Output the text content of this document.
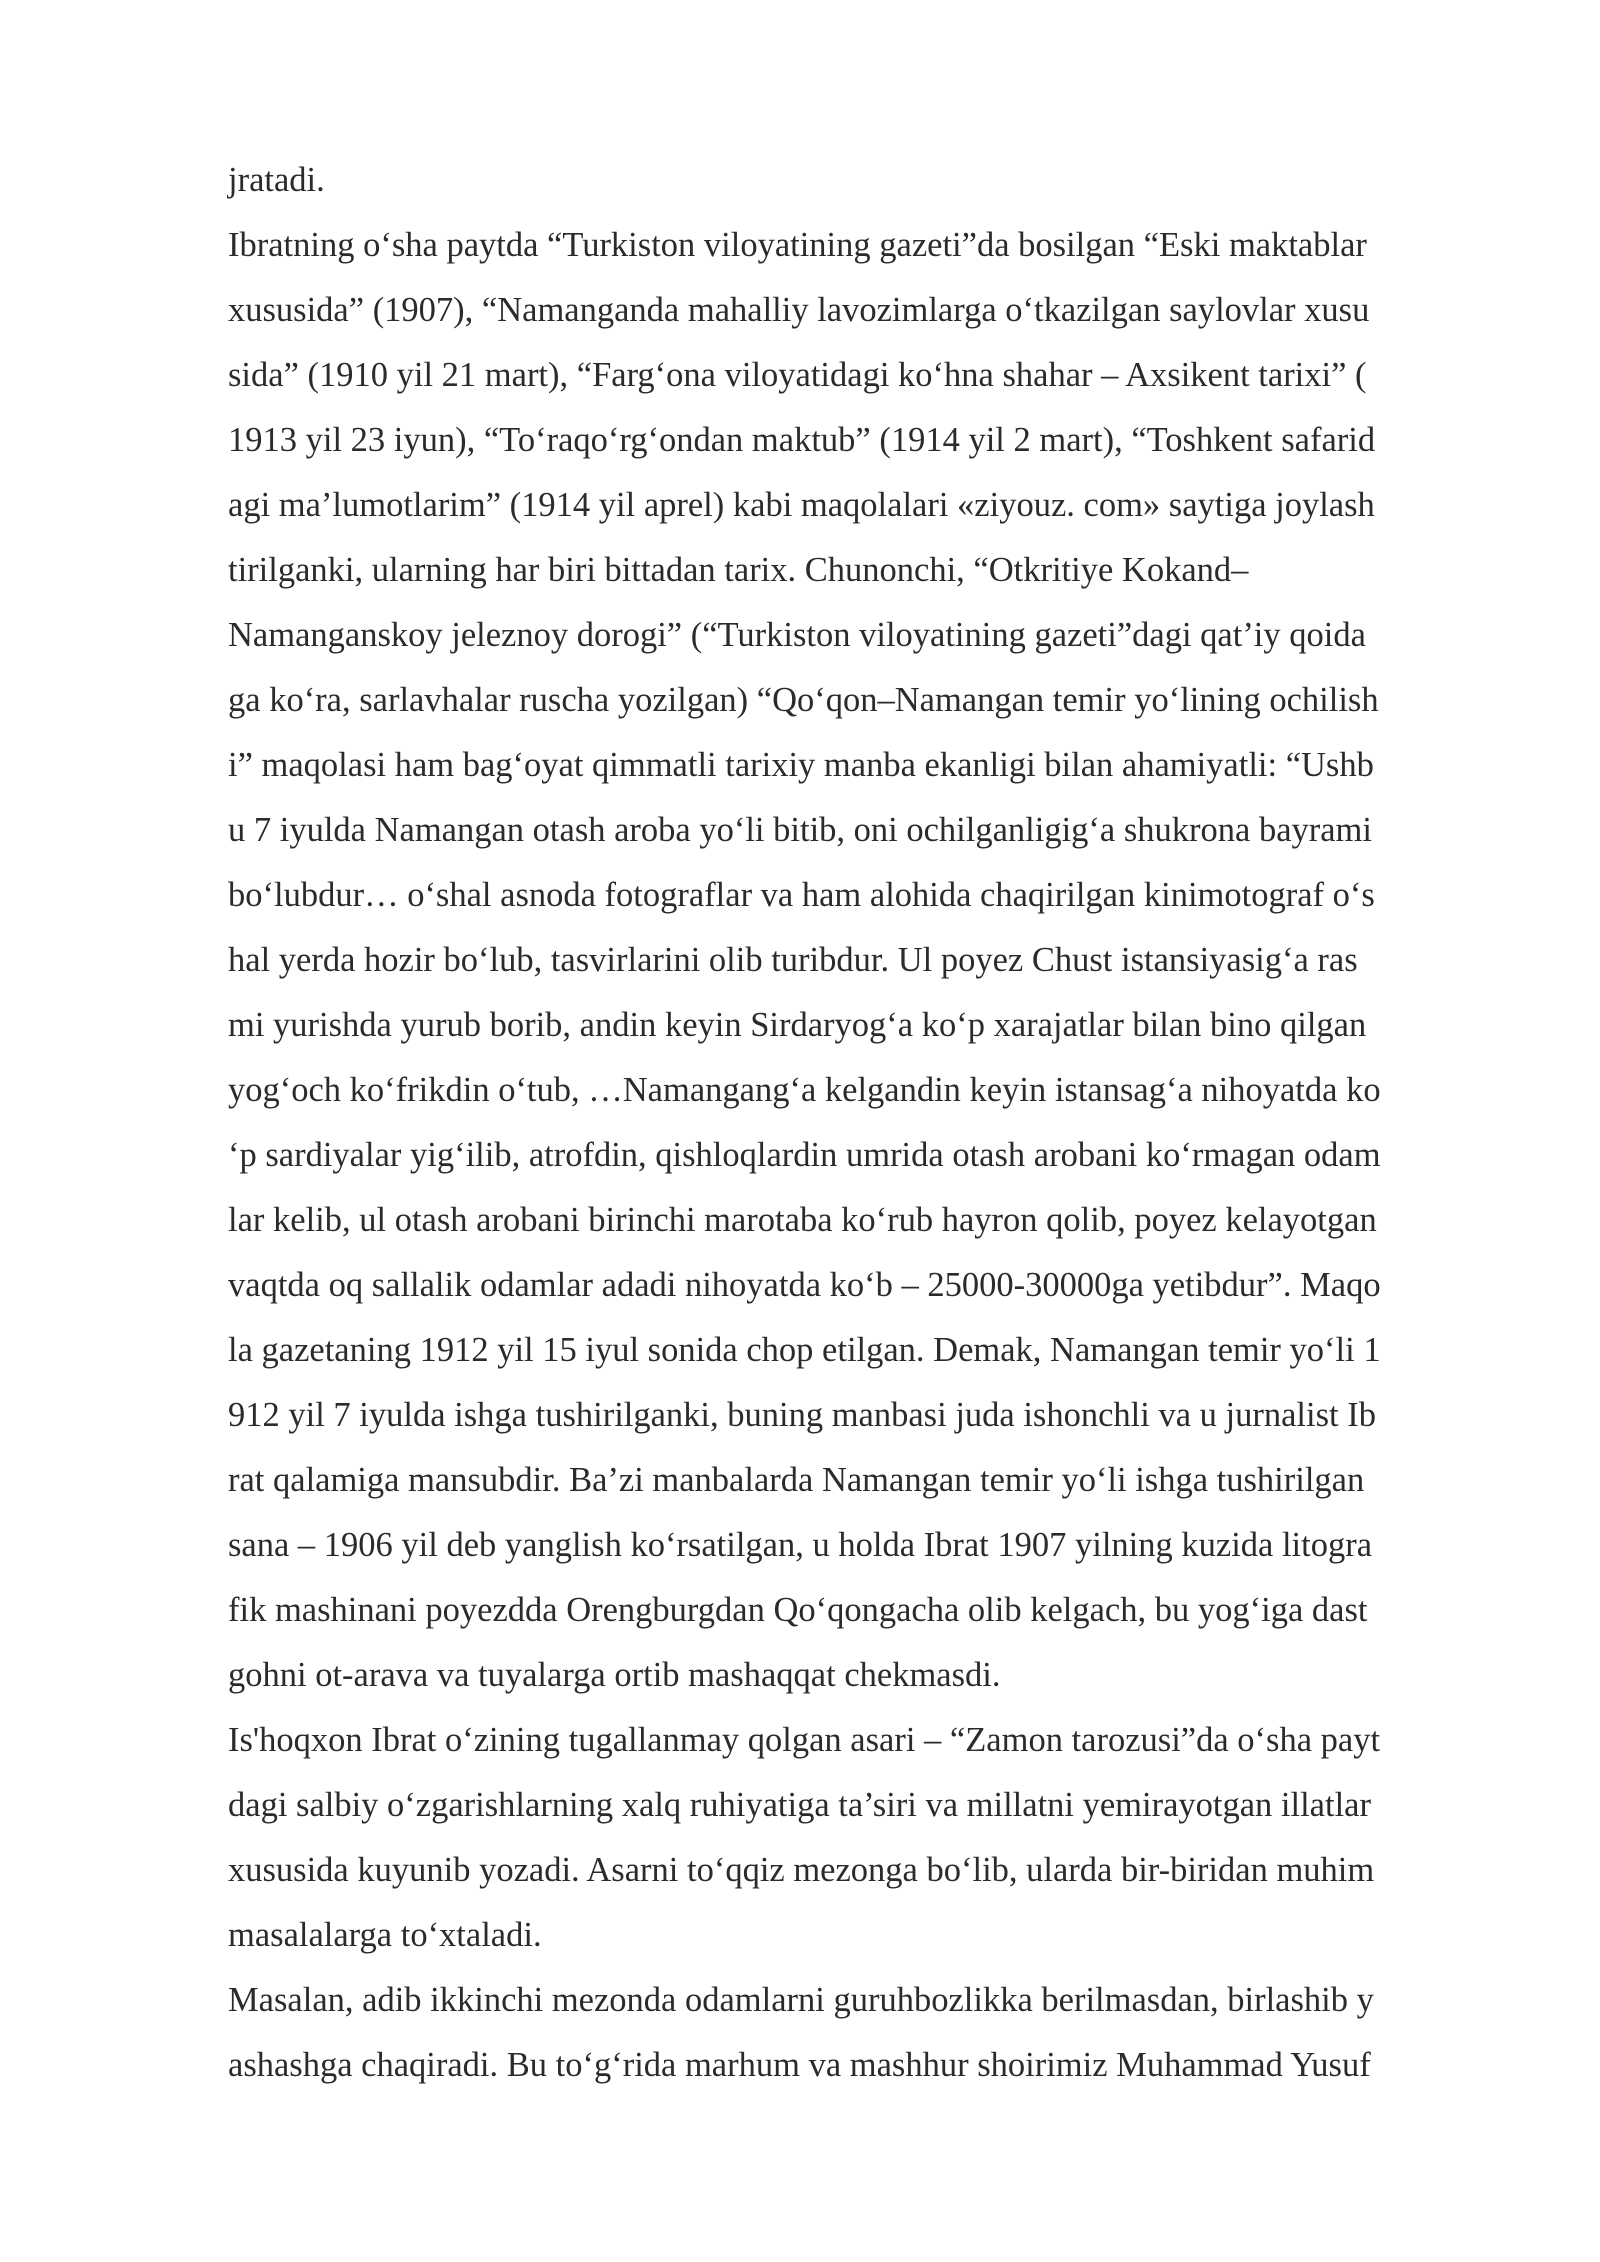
jratadi.
Ibratning o‘sha paytda “Turkiston viloyatining gazeti”da bosilgan “Eski maktablar
xususida” (1907), “Namanganda mahalliy lavozimlarga o‘tkazilgan saylovlar xusu
sida” (1910 yil 21 mart), “Farg‘ona viloyatidagi ko‘hna shahar – Axsikent tarixi” (
1913 yil 23 iyun), “To‘raqo‘rg‘ondan maktub” (1914 yil 2 mart), “Toshkent safarid
agi ma’lumotlarim” (1914 yil aprel) kabi maqolalari «ziyouz. com» saytiga joylash
tirilganki, ularning har biri bittadan tarix. Chunonchi, “Otkritiye Kokand–
Namanganskoy jeleznoy dorogi” (“Turkiston viloyatining gazeti”dagi qat’iy qoida
ga ko‘ra, sarlavhalar ruscha yozilgan) “Qo‘qon–Namangan temir yo‘lining ochilish
i” maqolasi ham bag‘oyat qimmatli tarixiy manba ekanligi bilan ahamiyatli: “Ushb
u 7 iyulda Namangan otash aroba yo‘li bitib, oni ochilganligig‘a shukrona bayrami
bo‘lubdur… o‘shal asnoda fotograflar va ham alohida chaqirilgan kinimotograf o‘s
hal yerda hozir bo‘lub, tasvirlarini olib turibdur. Ul poyez Chust istansiyasig‘a ras
mi yurishda yurub borib, andin keyin Sirdaryog‘a ko‘p xarajatlar bilan bino qilgan
yog‘och ko‘frikdin o‘tub, …Namangang‘a kelgandin keyin istansag‘a nihoyatda ko
‘p sardiyalar yig‘ilib, atrofdin, qishloqlardin umrida otash arobani ko‘rmagan odam
lar kelib, ul otash arobani birinchi marotaba ko‘rub hayron qolib, poyez kelayotgan
vaqtda oq sallalik odamlar adadi nihoyatda ko‘b – 25000-30000ga yetibdur”. Maqo
la gazetaning 1912 yil 15 iyul sonida chop etilgan. Demak, Namangan temir yo‘li 1
912 yil 7 iyulda ishga tushirilganki, buning manbasi juda ishonchli va u jurnalist Ib
rat qalamiga mansubdir. Ba’zi manbalarda Namangan temir yo‘li ishga tushirilgan
sana – 1906 yil deb yanglish ko‘rsatilgan, u holda Ibrat 1907 yilning kuzida litogra
fik mashinani poyezdda Orengburgdan Qo‘qongacha olib kelgach, bu yog‘iga dast
gohni ot-arava va tuyalarga ortib mashaqqat chekmasdi.
Is'hoqxon Ibrat o‘zining tugallanmay qolgan asari – “Zamon tarozusi”da o‘sha payt
dagi salbiy o‘zgarishlarning xalq ruhiyatiga ta’siri va millatni yemirayotgan illatlar
xususida kuyunib yozadi. Asarni to‘qqiz mezonga bo‘lib, ularda bir-biridan muhim
masalalarga to‘xtaladi.
Masalan, adib ikkinchi mezonda odamlarni guruhbozlikka berilmasdan, birlashib y
ashashga chaqiradi. Bu to‘g‘rida marhum va mashhur shoirimiz Muhammad Yusuf
